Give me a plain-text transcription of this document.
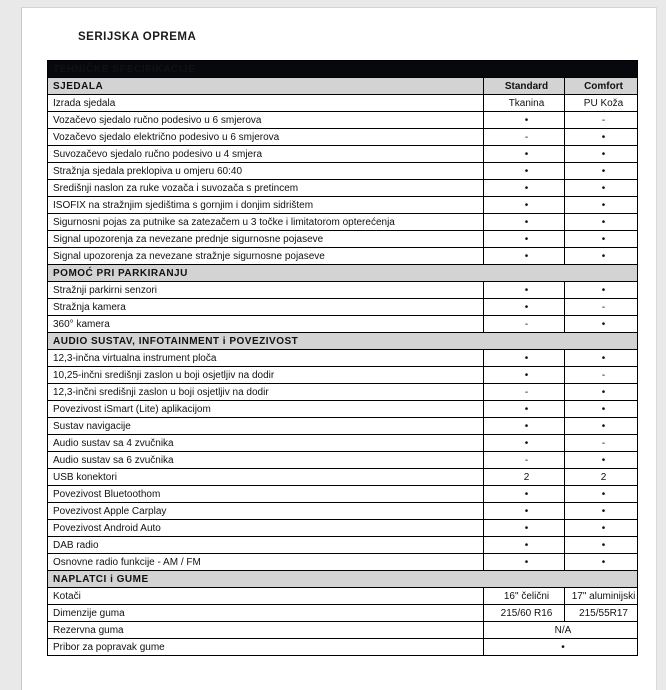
SERIJSKA OPREMA
TEHNIČKE SPECIFIKACIJE		
SJEDALA	Standard	Comfort
Izrada sjedala	Tkanina	PU Koža
Vozačevo sjedalo ručno podesivo u 6 smjerova	•	-
Vozačevo sjedalo električno podesivo u 6 smjerova	-	•
Suvozačevo sjedalo ručno podesivo u 4 smjera	•	•
Stražnja sjedala preklopiva u omjeru 60:40	•	•
Središnji naslon za ruke vozača i suvozača s pretincem	•	•
ISOFIX na stražnjim sjedištima s gornjim i donjim sidrištem	•	•
Sigurnosni pojas za putnike sa zatezačem u 3 točke i limitatorom opterećenja	•	•
Signal upozorenja za nevezane prednje sigurnosne pojaseve	•	•
Signal upozorenja za nevezane stražnje sigurnosne pojaseve	•	•
POMOĆ PRI PARKIRANJU		
Stražnji parkirni senzori	•	•
Stražnja kamera	•	-
360° kamera	-	•
AUDIO SUSTAV, INFOTAINMENT i POVEZIVOST		
12,3-inčna virtualna instrument ploča	•	•
10,25-inčni središnji zaslon u boji osjetljiv na dodir	•	-
12,3-inčni središnji zaslon u boji osjetljiv na dodir	-	•
Povezivost iSmart (Lite) aplikacijom	•	•
Sustav navigacije	•	•
Audio sustav sa 4 zvučnika	•	-
Audio sustav sa 6 zvučnika	-	•
USB konektori	2	2
Povezivost Bluetoothom	•	•
Povezivost Apple Carplay	•	•
Povezivost Android Auto	•	•
DAB radio	•	•
Osnovne radio funkcije - AM / FM	•	•
NAPLATCI i GUME		
Kotači	16" čelični	17" aluminijski
Dimenzije guma	215/60 R16	215/55R17
Rezervna guma	N/A	
Pribor za popravak gume	•	
